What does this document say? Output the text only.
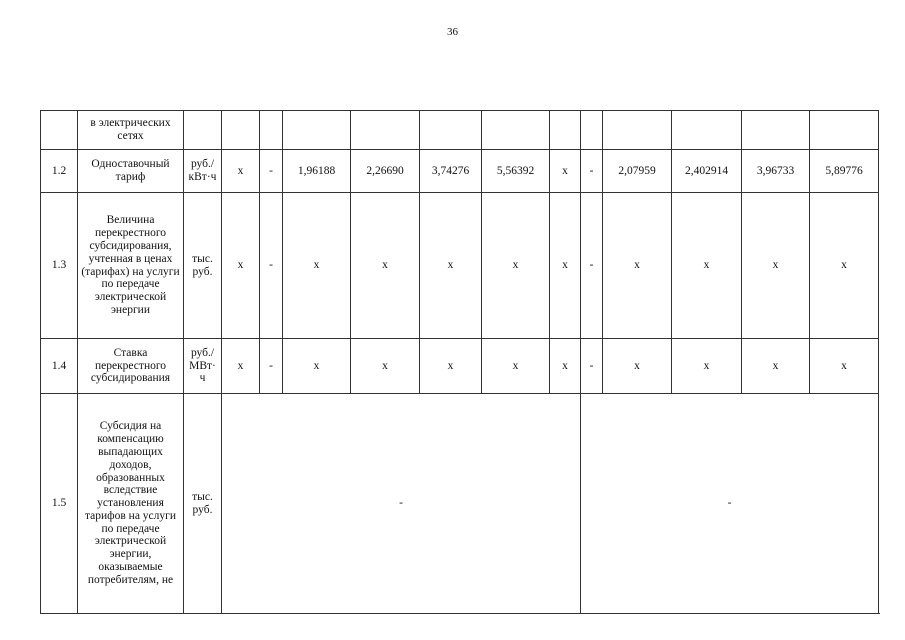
36
	в электрических сетях													
1.2	Одноставочный тариф	руб./ кВт·ч	х	-	1,96188	2,26690	3,74276	5,56392	х	-	2,07959	2,402914	3,96733	5,89776
1.3	Величина перекрестного субсидирования, учтенная в ценах (тарифах) на услуги по передаче электрической энергии	тыс. руб.	х	-	х	х	х	х	х	-	х	х	х	х
1.4	Ставка перекрестного субсидирования	руб./ МВт· ч	х	-	х	х	х	х	х	-	х	х	х	х
1.5	Субсидия на компенсацию выпадающих доходов, образованных вследствие установления тарифов на услуги по передаче электрической энергии, оказываемые потребителям, не	тыс. руб.	-							-				
